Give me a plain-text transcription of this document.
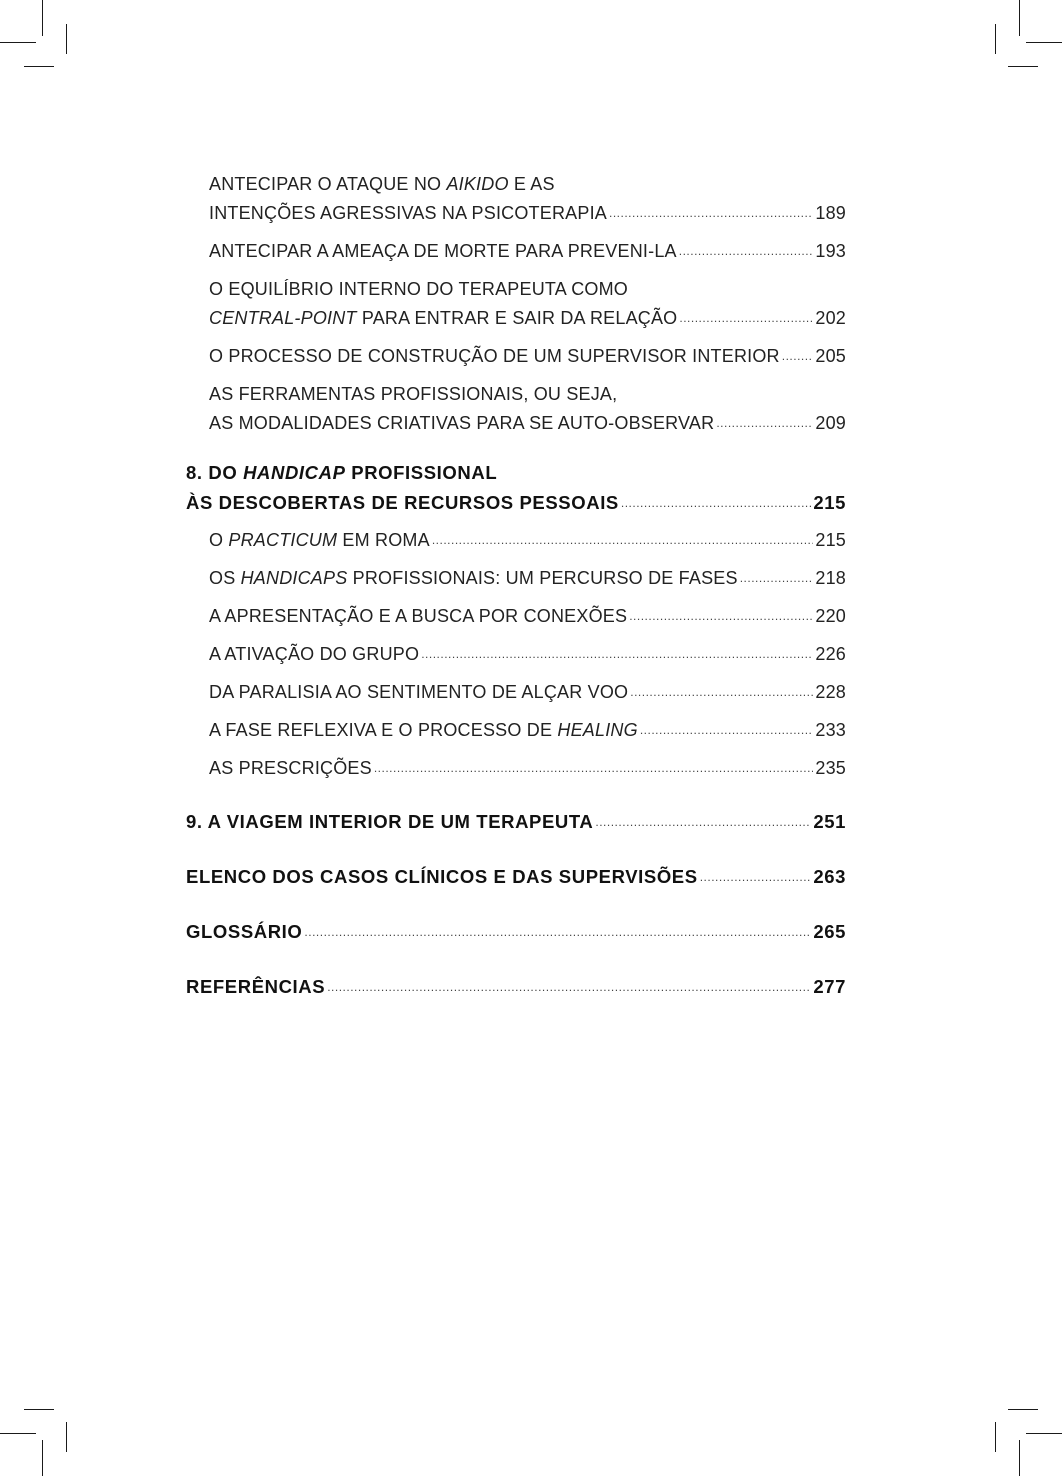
ANTECIPAR O ATAQUE NO AIKIDO E AS
INTENÇÕES AGRESSIVAS NA PSICOTERAPIA .....	189
ANTECIPAR A AMEAÇA DE MORTE PARA PREVENI-LA .....	193
O EQUILÍBRIO INTERNO DO TERAPEUTA COMO
CENTRAL-POINT PARA ENTRAR E SAIR DA RELAÇÃO .....	202
O PROCESSO DE CONSTRUÇÃO DE UM SUPERVISOR INTERIOR ..... 205
AS FERRAMENTAS PROFISSIONAIS, OU SEJA,
AS MODALIDADES CRIATIVAS PARA SE AUTO-OBSERVAR .....	209
8. DO HANDICAP PROFISSIONAL
ÀS DESCOBERTAS DE RECURSOS PESSOAIS .....	215
O PRACTICUM EM ROMA .....	215
OS HANDICAPS PROFISSIONAIS: UM PERCURSO DE FASES .....	218
A APRESENTAÇÃO E A BUSCA POR CONEXÕES .....	220
A ATIVAÇÃO DO GRUPO .....	226
DA PARALISIA AO SENTIMENTO DE ALÇAR VOO .....	228
A FASE REFLEXIVA E O PROCESSO DE HEALING .....	233
AS PRESCRIÇÕES .....	235
9. A VIAGEM INTERIOR DE UM TERAPEUTA .....	251
ELENCO DOS CASOS CLÍNICOS E DAS SUPERVISÕES .....	263
GLOSSÁRIO .....	265
REFERÊNCIAS .....	277
